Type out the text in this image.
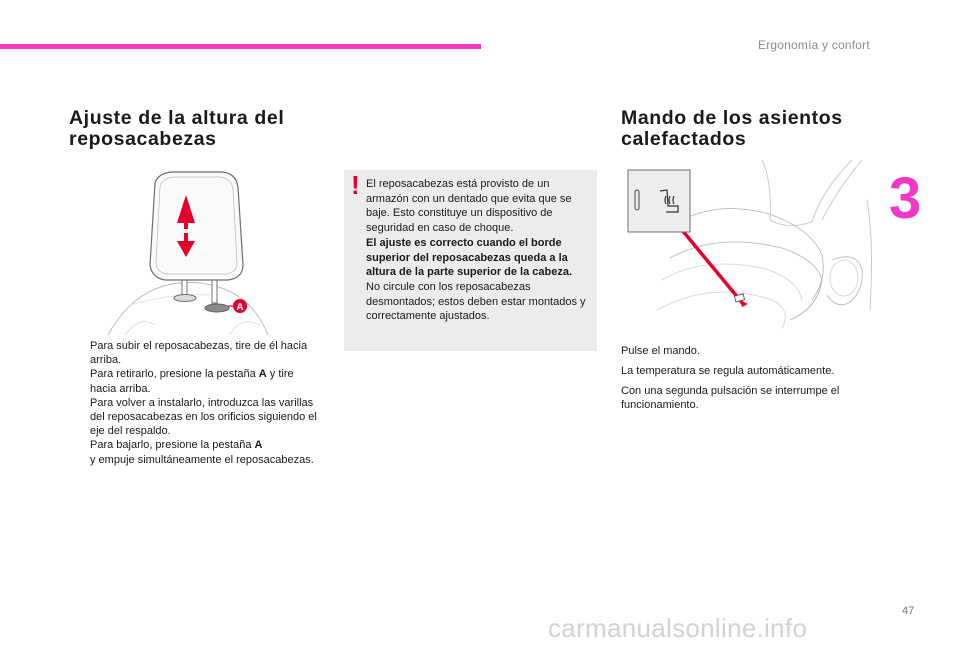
Ergonomía y confort
3
Ajuste de la altura del
reposacabezas
A
Para subir el reposacabezas, tire de él hacia arriba.
Para retirarlo, presione la pestaña A y tire hacia arriba.
Para volver a instalarlo, introduzca las varillas del reposacabezas en los orificios siguiendo el eje del respaldo.
Para bajarlo, presione la pestaña A
y empuje simultáneamente el reposacabezas.
! El reposacabezas está provisto de un armazón con un dentado que evita que se baje. Esto constituye un dispositivo de seguridad en caso de choque.
El ajuste es correcto cuando el borde superior del reposacabezas queda a la altura de la parte superior de la cabeza.
No circule con los reposacabezas desmontados; estos deben estar montados y correctamente ajustados.
Mando de los asientos
calefactados

Pulse el mando.

La temperatura se regula automáticamente.

Con una segunda pulsación se interrumpe el funcionamiento.

47
carmanualsonline.info
